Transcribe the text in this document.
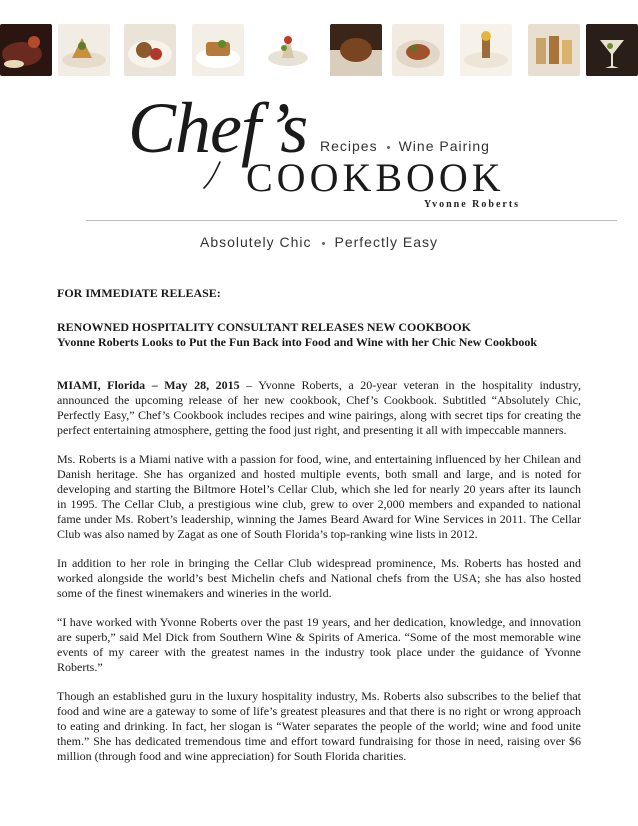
Chef’s Recipes Wine Pairing
COOKBOOK
Yvonne Roberts
Absolutely Chic Perfectly Easy

FOR IMMEDIATE RELEASE:

RENOWNED HOSPITALITY CONSULTANT RELEASES NEW COOKBOOK

Yvonne Roberts Looks to Put the Fun Back into Food and Wine with her Chic New Cookbook

MIAMI, Florida – May 28, 2015 – Yvonne Roberts, a 20-year veteran in the hospitality industry, announced the upcoming release of her new cookbook, Chef’s Cookbook. Subtitled “Absolutely Chic, Perfectly Easy,” Chef’s Cookbook includes recipes and wine pairings, along with secret tips for creating the perfect entertaining atmosphere, getting the food just right, and presenting it all with impeccable manners.

Ms. Roberts is a Miami native with a passion for food, wine, and entertaining influenced by her Chilean and Danish heritage. She has organized and hosted multiple events, both small and large, and is noted for developing and starting the Biltmore Hotel’s Cellar Club, which she led for nearly 20 years after its launch in 1995. The Cellar Club, a prestigious wine club, grew to over 2,000 members and expanded to national fame under Ms. Robert’s leadership, winning the James Beard Award for Wine Services in 2011. The Cellar Club was also named by Zagat as one of South Florida’s top-ranking wine lists in 2012.

In addition to her role in bringing the Cellar Club widespread prominence, Ms. Roberts has hosted and worked alongside the world’s best Michelin chefs and National chefs from the USA; she has also hosted some of the finest winemakers and wineries in the world.

“I have worked with Yvonne Roberts over the past 19 years, and her dedication, knowledge, and innovation are superb,” said Mel Dick from Southern Wine & Spirits of America. “Some of the most memorable wine events of my career with the greatest names in the industry took place under the guidance of Yvonne Roberts.”

Though an established guru in the luxury hospitality industry, Ms. Roberts also subscribes to the belief that food and wine are a gateway to some of life’s greatest pleasures and that there is no right or wrong approach to eating and drinking. In fact, her slogan is “Water separates the people of the world; wine and food unite them.” She has dedicated tremendous time and effort toward fundraising for those in need, raising over $6 million (through food and wine appreciation) for South Florida charities.
